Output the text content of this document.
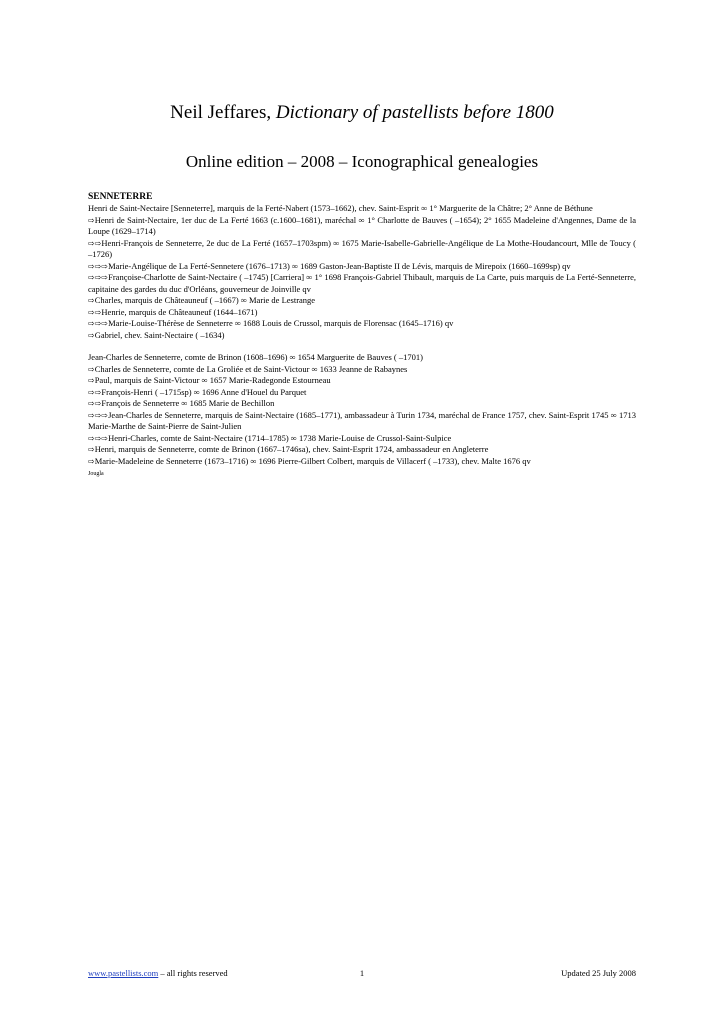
Neil Jeffares, Dictionary of pastellists before 1800
Online edition – 2008 – Iconographical genealogies
SENNETERRE
Henri de Saint-Nectaire [Senneterre], marquis de la Ferté-Nabert (1573–1662), chev. Saint-Esprit ∞ 1° Marguerite de la Châtre; 2° Anne de Béthune
⇨Henri de Saint-Nectaire, 1er duc de La Ferté 1663 (c.1600–1681), maréchal ∞ 1° Charlotte de Bauves ( –1654); 2° 1655 Madeleine d'Angennes, Dame de la Loupe (1629–1714)
⇨⇨Henri-François de Senneterre, 2e duc de La Ferté (1657–1703spm) ∞ 1675 Marie-Isabelle-Gabrielle-Angélique de La Mothe-Houdancourt, Mlle de Toucy ( –1726)
⇨⇨⇨Marie-Angélique de La Ferté-Sennetere (1676–1713) ∞ 1689 Gaston-Jean-Baptiste II de Lévis, marquis de Mirepoix (1660–1699sp) qv
⇨⇨⇨Françoise-Charlotte de Saint-Nectaire ( –1745) [Carriera] ∞ 1° 1698 François-Gabriel Thibault, marquis de La Carte, puis marquis de La Ferté-Senneterre, capitaine des gardes du duc d'Orléans, gouverneur de Joinville qv
⇨Charles, marquis de Châteauneuf ( –1667) ∞ Marie de Lestrange
⇨⇨Henrie, marquis de Châteauneuf (1644–1671)
⇨⇨⇨Marie-Louise-Thérèse de Senneterre ∞ 1688 Louis de Crussol, marquis de Florensac (1645–1716) qv
⇨Gabriel, chev. Saint-Nectaire ( –1634)
Jean-Charles de Senneterre, comte de Brinon (1608–1696) ∞ 1654 Marguerite de Bauves ( –1701)
⇨Charles de Senneterre, comte de La Groliée et de Saint-Victour ∞ 1633 Jeanne de Rabaynes
⇨Paul, marquis de Saint-Victour ∞ 1657 Marie-Radegonde Estourneau
⇨⇨François-Henri ( –1715sp) ∞ 1696 Anne d'Houel du Parquet
⇨⇨François de Senneterre ∞ 1685 Marie de Bechillon
⇨⇨⇨Jean-Charles de Senneterre, marquis de Saint-Nectaire (1685–1771), ambassadeur à Turin 1734, maréchal de France 1757, chev. Saint-Esprit 1745 ∞ 1713 Marie-Marthe de Saint-Pierre de Saint-Julien
⇨⇨⇨Henri-Charles, comte de Saint-Nectaire (1714–1785) ∞ 1738 Marie-Louise de Crussol-Saint-Sulpice
⇨Henri, marquis de Senneterre, comte de Brinon (1667–1746sa), chev. Saint-Esprit 1724, ambassadeur en Angleterre
⇨Marie-Madeleine de Senneterre (1673–1716) ∞ 1696 Pierre-Gilbert Colbert, marquis de Villacerf ( –1733), chev. Malte 1676 qv
Jougla
www.pastellists.com – all rights reserved	1	Updated 25 July 2008
